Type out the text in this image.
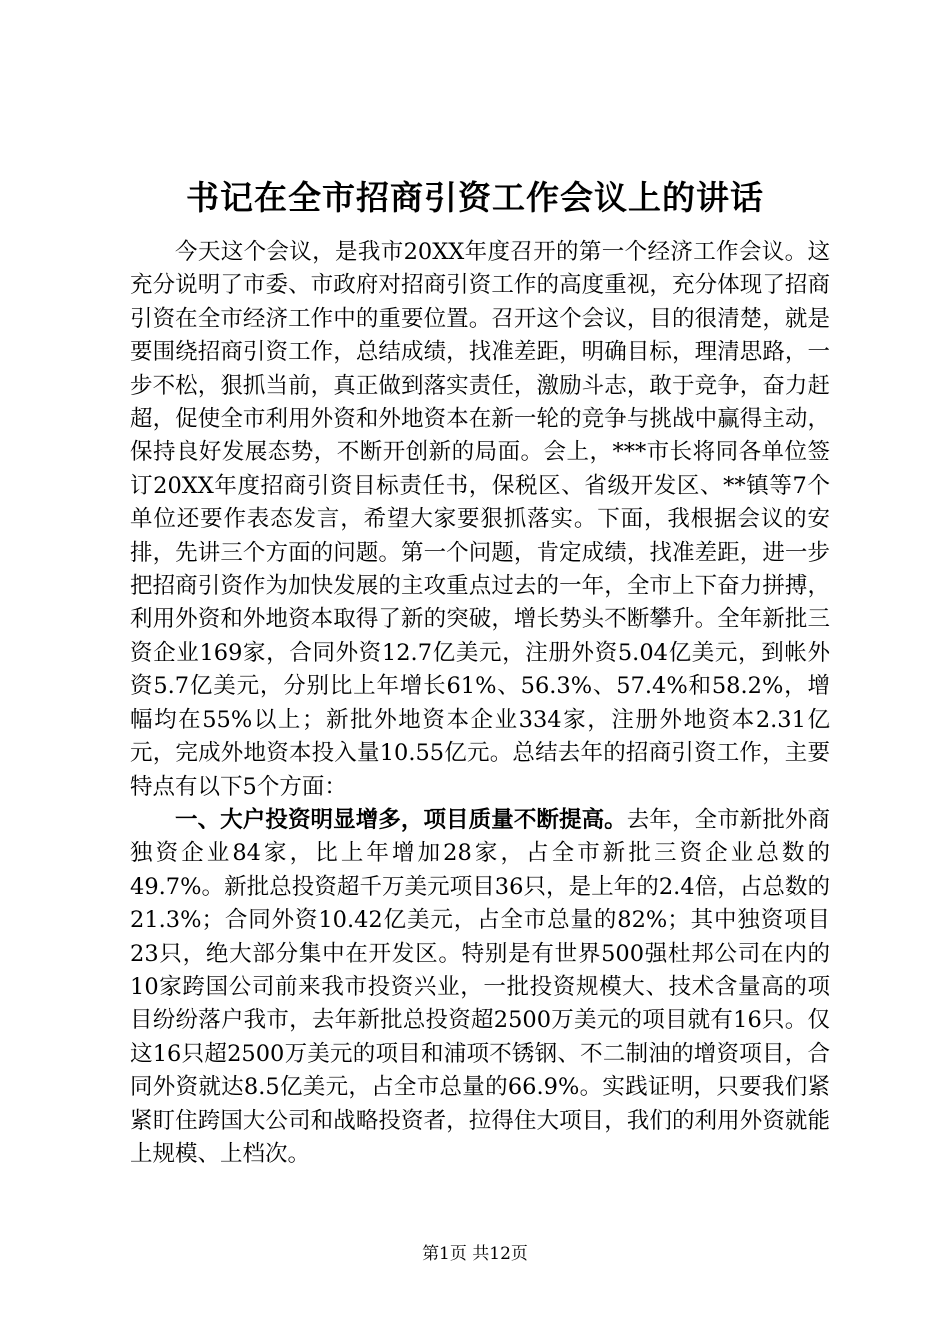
书记在全市招商引资工作会议上的讲话

今天这个会议，是我市20XX年度召开的第一个经济工作会议。这充分说明了市委、市政府对招商引资工作的高度重视，充分体现了招商引资在全市经济工作中的重要位置。召开这个会议，目的很清楚，就是要围绕招商引资工作，总结成绩，找准差距，明确目标，理清思路，一步不松，狠抓当前，真正做到落实责任，激励斗志，敢于竞争，奋力赶超，促使全市利用外资和外地资本在新一轮的竞争与挑战中赢得主动，保持良好发展态势，不断开创新的局面。会上，***市长将同各单位签订20XX年度招商引资目标责任书，保税区、省级开发区、**镇等7个单位还要作表态发言，希望大家要狠抓落实。下面，我根据会议的安排，先讲三个方面的问题。第一个问题，肯定成绩，找准差距，进一步把招商引资作为加快发展的主攻重点过去的一年，全市上下奋力拼搏，利用外资和外地资本取得了新的突破，增长势头不断攀升。全年新批三资企业169家，合同外资12.7亿美元，注册外资5.04亿美元，到帐外资5.7亿美元，分别比上年增长61%、56.3%、57.4%和58.2%，增幅均在55%以上；新批外地资本企业334家，注册外地资本2.31亿元，完成外地资本投入量10.55亿元。总结去年的招商引资工作，主要特点有以下5个方面：

一、大户投资明显增多，项目质量不断提高。去年，全市新批外商独资企业84家，比上年增加28家，占全市新批三资企业总数的49.7%。新批总投资超千万美元项目36只，是上年的2.4倍，占总数的21.3%；合同外资10.42亿美元，占全市总量的82%；其中独资项目23只，绝大部分集中在开发区。特别是有世界500强杜邦公司在内的10家跨国公司前来我市投资兴业，一批投资规模大、技术含量高的项目纷纷落户我市，去年新批总投资超2500万美元的项目就有16只。仅这16只超2500万美元的项目和浦项不锈钢、不二制油的增资项目，合同外资就达8.5亿美元，占全市总量的66.9%。实践证明，只要我们紧紧盯住跨国大公司和战略投资者，拉得住大项目，我们的利用外资就能上规模、上档次。

第1页 共12页
